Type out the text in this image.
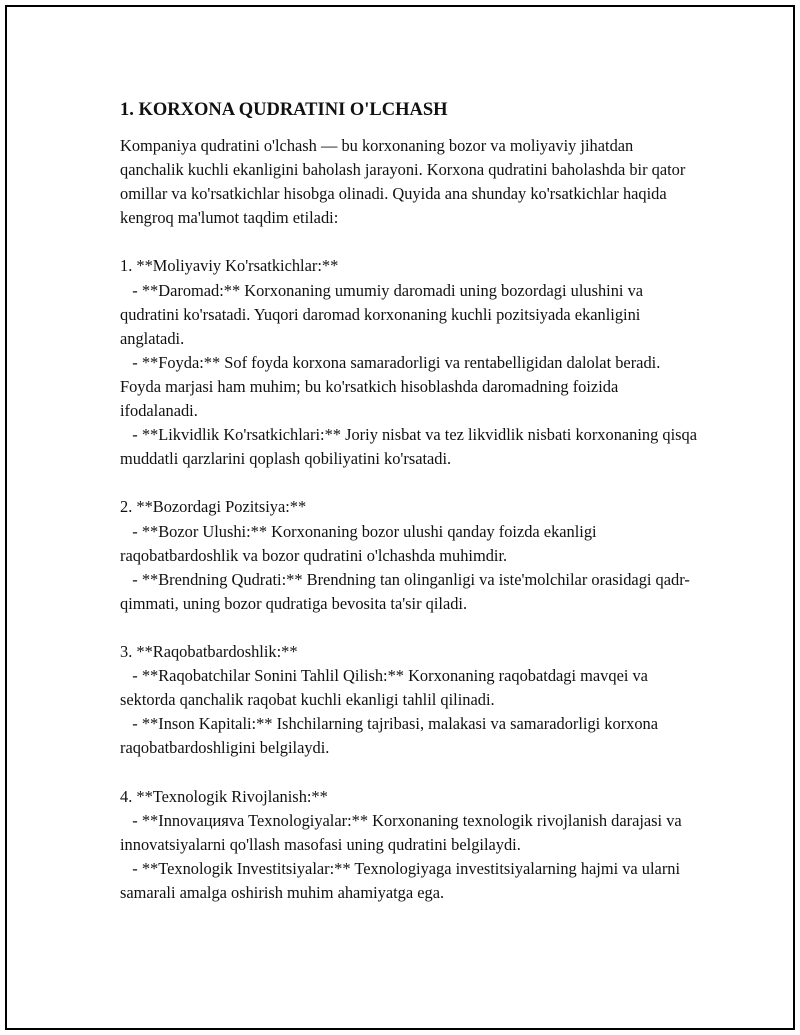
1. KORXONA QUDRATINI O'LCHASH
Kompaniya qudratini o'lchash — bu korxonaning bozor va moliyaviy jihatdan qanchalik kuchli ekanligini baholash jarayoni. Korxona qudratini baholashda bir qator omillar va ko'rsatkichlar hisobga olinadi. Quyida ana shunday ko'rsatkichlar haqida kengroq ma'lumot taqdim etiladi:

1. **Moliyaviy Ko'rsatkichlar:**
- **Daromad:** Korxonaning umumiy daromadi uning bozordagi ulushini va qudratini ko'rsatadi. Yuqori daromad korxonaning kuchli pozitsiyada ekanligini anglatadi.
- **Foyda:** Sof foyda korxona samaradorligi va rentabelligidan dalolat beradi. Foyda marjasi ham muhim; bu ko'rsatkich hisoblashda daromadning foizida ifodalanadi.
- **Likvidlik Ko'rsatkichlari:** Joriy nisbat va tez likvidlik nisbati korxonaning qisqa muddatli qarzlarini qoplash qobiliyatini ko'rsatadi.

2. **Bozordagi Pozitsiya:**
- **Bozor Ulushi:** Korxonaning bozor ulushi qanday foizda ekanligi raqobatbardoshlik va bozor qudratini o'lchashda muhimdir.
- **Brendning Qudrati:** Brendning tan olinganligi va iste'molchilar orasidagi qadr-qimmati, uning bozor qudratiga bevosita ta'sir qiladi.

3. **Raqobatbardoshlik:**
- **Raqobatchilar Sonini Tahlil Qilish:** Korxonaning raqobatdagi mavqei va sektorda qanchalik raqobat kuchli ekanligi tahlil qilinadi.
- **Inson Kapitali:** Ishchilarning tajribasi, malakasi va samaradorligi korxona raqobatbardoshligini belgilaydi.

4. **Texnologik Rivojlanish:**
- **Innovaцияva Texnologiyalar:** Korxonaning texnologik rivojlanish darajasi va innovatsiyalarni qo'llash masofasi uning qudratini belgilaydi.
- **Texnologik Investitsiyalar:** Texnologiyaga investitsiyalarning hajmi va ularni samarali amalga oshirish muhim ahamiyatga ega.
